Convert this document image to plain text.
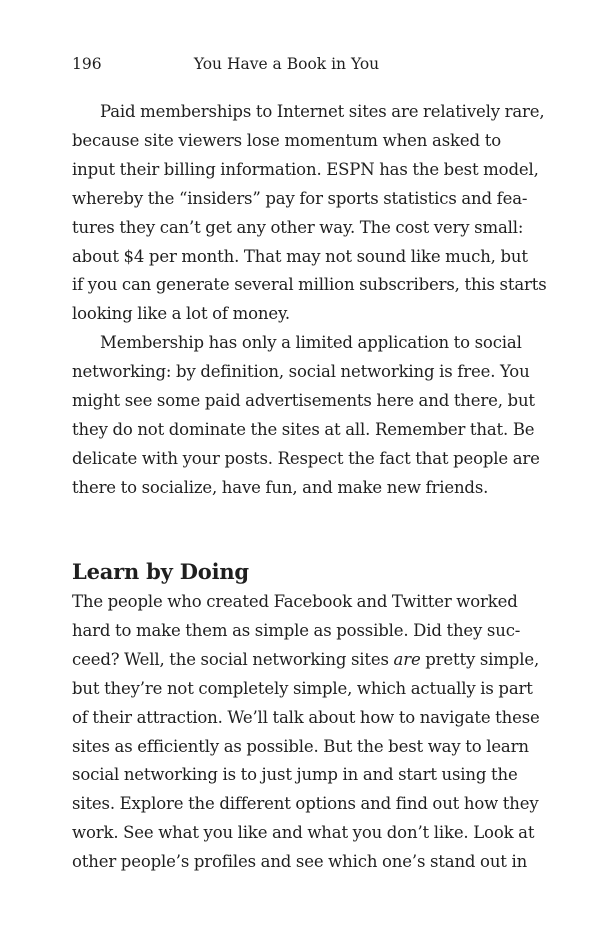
196	You Have a Book in You

Paid memberships to Internet sites are relatively rare,
because site viewers lose momentum when asked to
input their billing information. ESPN has the best model,
whereby the “insiders” pay for sports statistics and fea-
tures they can’t get any other way. The cost very small:
about $4 per month. That may not sound like much, but
if you can generate several million subscribers, this starts
looking like a lot of money.

Membership has only a limited application to social
networking: by definition, social networking is free. You
might see some paid advertisements here and there, but
they do not dominate the sites at all. Remember that. Be
delicate with your posts. Respect the fact that people are
there to socialize, have fun, and make new friends.

Learn by Doing

The people who created Facebook and Twitter worked
hard to make them as simple as possible. Did they suc-
ceed? Well, the social networking sites are pretty simple,
but they’re not completely simple, which actually is part
of their attraction. We’ll talk about how to navigate these
sites as efficiently as possible. But the best way to learn
social networking is to just jump in and start using the
sites. Explore the different options and find out how they
work. See what you like and what you don’t like. Look at
other people’s profiles and see which one’s stand out in
